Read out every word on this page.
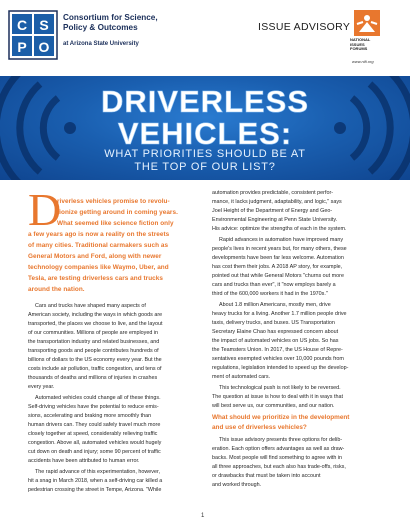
C S
P O
Consortium for Science,
Policy & Outcomes
at Arizona State University
ISSUE ADVISORY
NATIONAL
ISSUES
FORUMS
www.nifi.org
DRIVERLESS
VEHICLES:
WHAT PRIORITIES SHOULD BE AT
THE TOP OF OUR LIST?
D
riverless vehicles promise to revolu-
tionize getting around in coming years.
What seemed like science fiction only
a few years ago is now a reality on the streets
of many cities. Traditional carmakers such as
General Motors and Ford, along with newer
technology companies like Waymo, Uber, and
Tesla, are testing driverless cars and trucks
around the nation.
Cars and trucks have shaped many aspects of
American society, including the ways in which goods are
transported, the places we choose to live, and the layout
of our communities. Millions of people are employed in
the transportation industry and related businesses, and
transporting goods and people contributes hundreds of
billions of dollars to the US economy every year. But the
costs include air pollution, traffic congestion, and tens of
thousands of deaths and millions of injuries in crashes
every year.
Automated vehicles could change all of these things.
Self-driving vehicles have the potential to reduce emis-
sions, accelerating and braking more smoothly than
human drivers can. They could safely travel much more
closely together at speed, considerably relieving traffic
congestion. Above all, automated vehicles would hugely
cut down on death and injury; some 90 percent of traffic
accidents have been attributed to human error.
The rapid advance of this experimentation, however,
hit a snag in March 2018, when a self-driving car killed a
pedestrian crossing the street in Tempe, Arizona. "While
automation provides predictable, consistent perfor-
mance, it lacks judgment, adaptability, and logic," says
Joel Height of the Department of Energy and Geo-
Environmental Engineering at Penn State University.
His advice: optimize the strengths of each in the system.
Rapid advances in automation have improved many
people's lives in recent years but, for many others, these
developments have been far less welcome. Automation
has cost them their jobs. A 2018 AP story, for example,
pointed out that while General Motors "churns out more
cars and trucks than ever", it "now employs barely a
third of the 600,000 workers it had in the 1970s."
About 1.8 million Americans, mostly men, drive
heavy trucks for a living. Another 1.7 million people drive
taxis, delivery trucks, and buses. US Transportation
Secretary Elaine Chao has expressed concern about
the impact of automated vehicles on US jobs. So has
the Teamsters Union. In 2017, the US House of Repre-
sentatives exempted vehicles over 10,000 pounds from
regulations, legislation intended to speed up the develop-
ment of automated cars.
This technological push is not likely to be reversed.
The question at issue is how to deal with it in ways that
will best serve us, our communities, and our nation.
What should we prioritize in the development
and use of driverless vehicles?
This issue advisory presents three options for delib-
eration. Each option offers advantages as well as draw-
backs. Most people will find something to agree with in
all three approaches, but each also has trade-offs, risks,
or drawbacks that must be taken into account
and worked through.
1
